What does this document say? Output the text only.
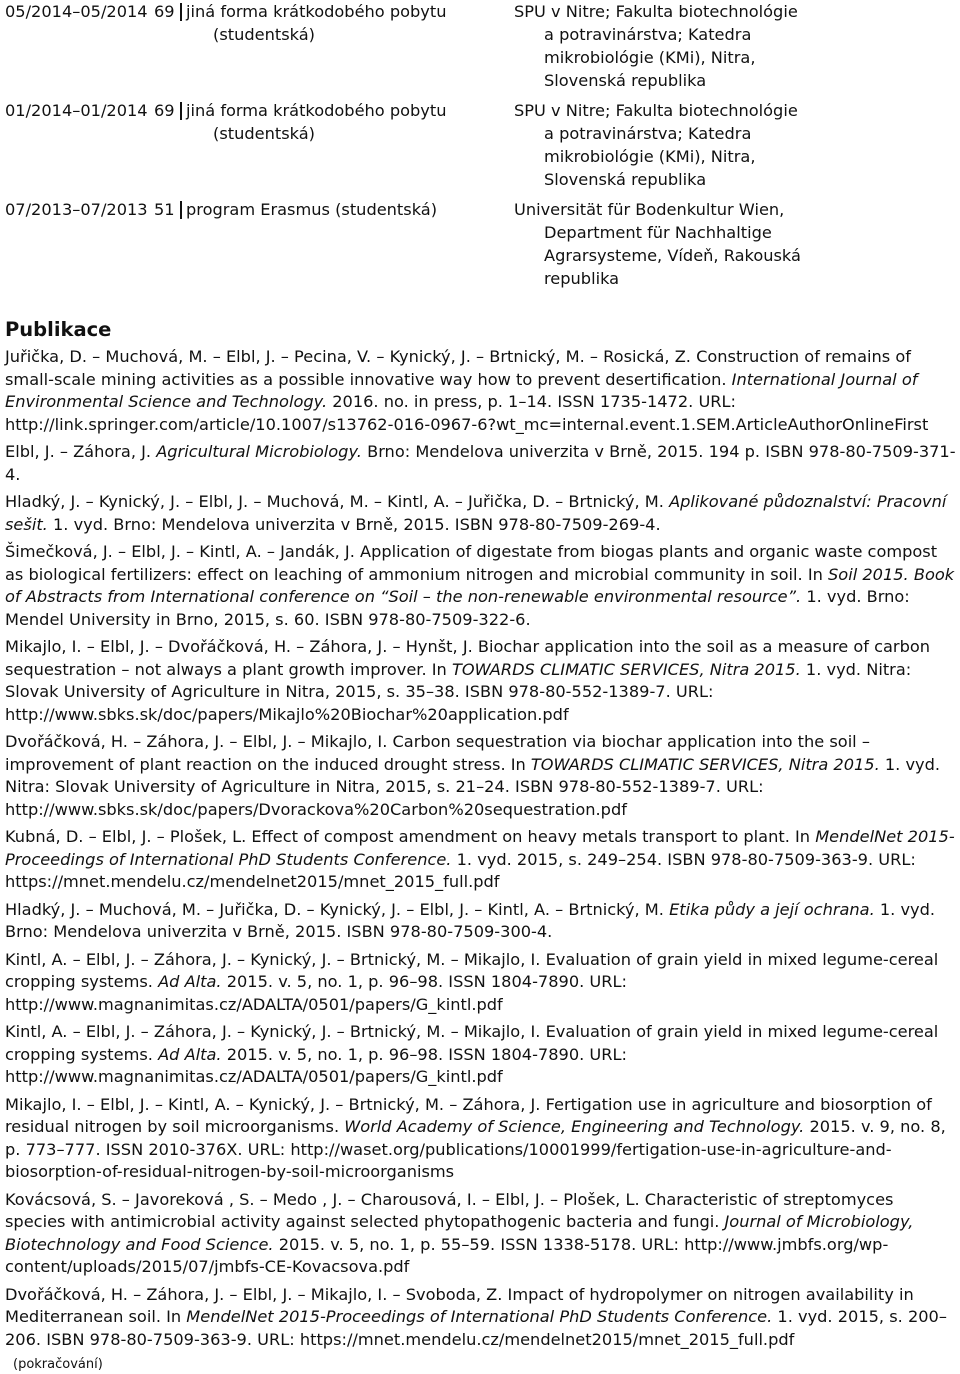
05/2014–05/2014 69 jiná forma krátkodobého pobytu
(studentská)
SPU v Nitre; Fakulta biotechnológie
a potravinárstva; Katedra
mikrobiológie (KMi), Nitra,
Slovenská republika
01/2014–01/2014 69 jiná forma krátkodobého pobytu
(studentská)
SPU v Nitre; Fakulta biotechnológie
a potravinárstva; Katedra
mikrobiológie (KMi), Nitra,
Slovenská republika
07/2013–07/2013 51 program Erasmus (studentská)	Universität für Bodenkultur Wien,
Department für Nachhaltige
Agrarsysteme, Vídeň, Rakouská
republika
Publikace
Juřička, D. – Muchová, M. – Elbl, J. – Pecina, V. – Kynický, J. – Brtnický, M. – Rosická, Z. Construction of remains of small-scale mining activities as a possible innovative way how to prevent desertification. International Journal of Environmental Science and Technology. 2016. no. in press, p. 1–14. ISSN 1735-1472. URL: http://link.springer.com/article/10.1007/s13762-016-0967-6?wt_mc=internal.event.1.SEM.ArticleAuthorOnlineFirst
Elbl, J. – Záhora, J. Agricultural Microbiology. Brno: Mendelova univerzita v Brně, 2015. 194 p. ISBN 978-80-7509-371-4.
Hladký, J. – Kynický, J. – Elbl, J. – Muchová, M. – Kintl, A. – Juřička, D. – Brtnický, M. Aplikované půdoznalství: Pracovní sešit. 1. vyd. Brno: Mendelova univerzita v Brně, 2015. ISBN 978-80-7509-269-4.
Šimečková, J. – Elbl, J. – Kintl, A. – Jandák, J. Application of digestate from biogas plants and organic waste compost as biological fertilizers: effect on leaching of ammonium nitrogen and microbial community in soil. In Soil 2015. Book of Abstracts from International conference on “Soil – the non-renewable environmental resource”. 1. vyd. Brno: Mendel University in Brno, 2015, s. 60. ISBN 978-80-7509-322-6.
Mikajlo, I. – Elbl, J. – Dvořáčková, H. – Záhora, J. – Hynšt, J. Biochar application into the soil as a measure of carbon sequestration – not always a plant growth improver. In TOWARDS CLIMATIC SERVICES, Nitra 2015. 1. vyd. Nitra: Slovak University of Agriculture in Nitra, 2015, s. 35–38. ISBN 978-80-552-1389-7. URL: http://www.sbks.sk/doc/papers/Mikajlo%20Biochar%20application.pdf
Dvořáčková, H. – Záhora, J. – Elbl, J. – Mikajlo, I. Carbon sequestration via biochar application into the soil – improvement of plant reaction on the induced drought stress. In TOWARDS CLIMATIC SERVICES, Nitra 2015. 1. vyd. Nitra: Slovak University of Agriculture in Nitra, 2015, s. 21–24. ISBN 978-80-552-1389-7. URL: http://www.sbks.sk/doc/papers/Dvorackova%20Carbon%20sequestration.pdf
Kubná, D. – Elbl, J. – Plošek, L. Effect of compost amendment on heavy metals transport to plant. In MendelNet 2015-Proceedings of International PhD Students Conference. 1. vyd. 2015, s. 249–254. ISBN 978-80-7509-363-9. URL: https://mnet.mendelu.cz/mendelnet2015/mnet_2015_full.pdf
Hladký, J. – Muchová, M. – Juřička, D. – Kynický, J. – Elbl, J. – Kintl, A. – Brtnický, M. Etika půdy a její ochrana. 1. vyd. Brno: Mendelova univerzita v Brně, 2015. ISBN 978-80-7509-300-4.
Kintl, A. – Elbl, J. – Záhora, J. – Kynický, J. – Brtnický, M. – Mikajlo, I. Evaluation of grain yield in mixed legume-cereal cropping systems. Ad Alta. 2015. v. 5, no. 1, p. 96–98. ISSN 1804-7890. URL: http://www.magnanimitas.cz/ADALTA/0501/papers/G_kintl.pdf
Kintl, A. – Elbl, J. – Záhora, J. – Kynický, J. – Brtnický, M. – Mikajlo, I. Evaluation of grain yield in mixed legume-cereal cropping systems. Ad Alta. 2015. v. 5, no. 1, p. 96–98. ISSN 1804-7890. URL: http://www.magnanimitas.cz/ADALTA/0501/papers/G_kintl.pdf
Mikajlo, I. – Elbl, J. – Kintl, A. – Kynický, J. – Brtnický, M. – Záhora, J. Fertigation use in agriculture and biosorption of residual nitrogen by soil microorganisms. World Academy of Science, Engineering and Technology. 2015. v. 9, no. 8, p. 773–777. ISSN 2010-376X. URL: http://waset.org/publications/10001999/fertigation-use-in-agriculture-and-biosorption-of-residual-nitrogen-by-soil-microorganisms
Kovácsová, S. – Javoreková , S. – Medo , J. – Charousová, I. – Elbl, J. – Plošek, L. Characteristic of streptomyces species with antimicrobial activity against selected phytopathogenic bacteria and fungi. Journal of Microbiology, Biotechnology and Food Science. 2015. v. 5, no. 1, p. 55–59. ISSN 1338-5178. URL: http://www.jmbfs.org/wp-content/uploads/2015/07/jmbfs-CE-Kovacsova.pdf
Dvořáčková, H. – Záhora, J. – Elbl, J. – Mikajlo, I. – Svoboda, Z. Impact of hydropolymer on nitrogen availability in Mediterranean soil. In MendelNet 2015-Proceedings of International PhD Students Conference. 1. vyd. 2015, s. 200–206. ISBN 978-80-7509-363-9. URL: https://mnet.mendelu.cz/mendelnet2015/mnet_2015_full.pdf
(pokračování)
